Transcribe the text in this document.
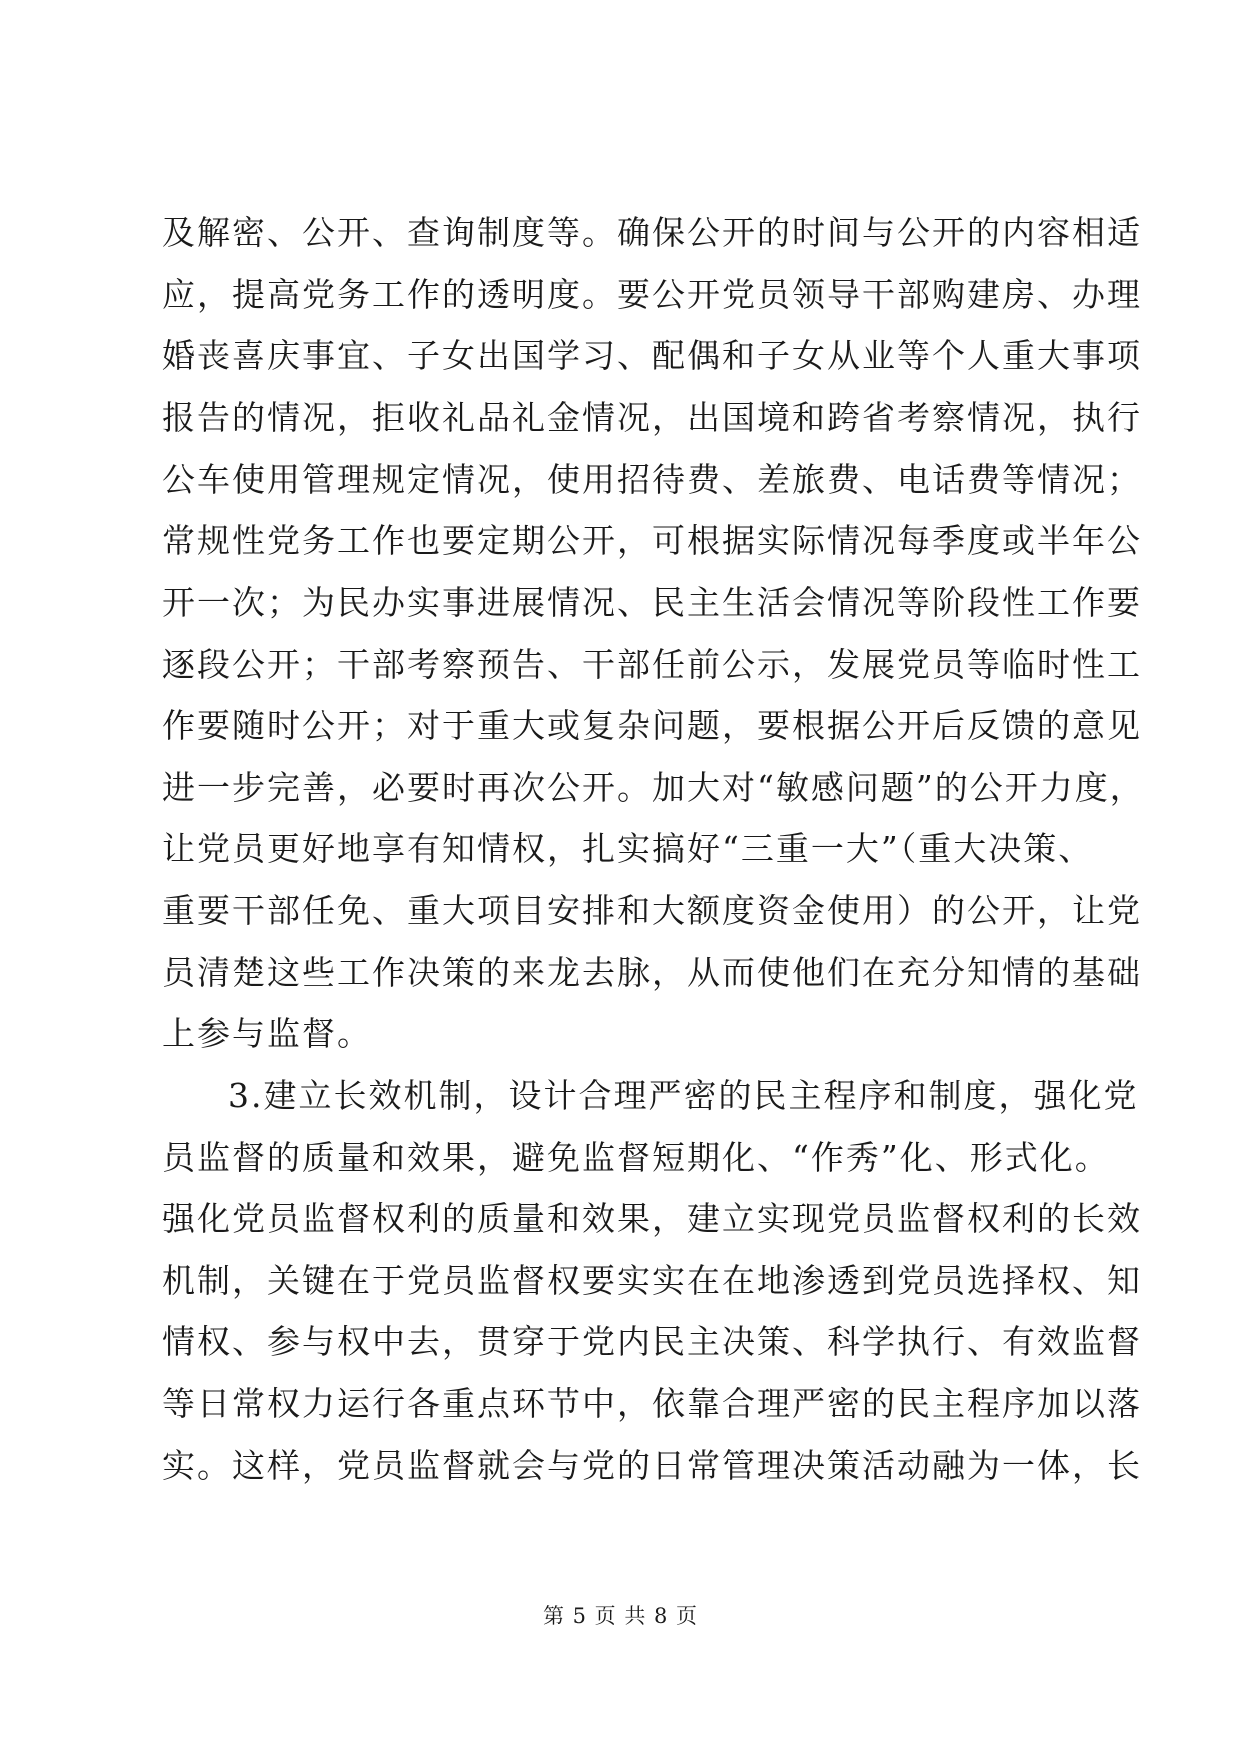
及解密、公开、查询制度等。确保公开的时间与公开的内容相适
应，提高党务工作的透明度。要公开党员领导干部购建房、办理
婚丧喜庆事宜、子女出国学习、配偶和子女从业等个人重大事项
报告的情况，拒收礼品礼金情况，出国境和跨省考察情况，执行
公车使用管理规定情况，使用招待费、差旅费、电话费等情况；
常规性党务工作也要定期公开，可根据实际情况每季度或半年公
开一次；为民办实事进展情况、民主生活会情况等阶段性工作要
逐段公开；干部考察预告、干部任前公示，发展党员等临时性工
作要随时公开；对于重大或复杂问题，要根据公开后反馈的意见
进一步完善，必要时再次公开。加大对“敏感问题”的公开力度，
让党员更好地享有知情权，扎实搞好“三重一大”（重大决策、
重要干部任免、重大项目安排和大额度资金使用）的公开，让党
员清楚这些工作决策的来龙去脉，从而使他们在充分知情的基础
上参与监督。
3.建立长效机制，设计合理严密的民主程序和制度，强化党
员监督的质量和效果，避免监督短期化、“作秀”化、形式化。
强化党员监督权利的质量和效果，建立实现党员监督权利的长效
机制，关键在于党员监督权要实实在在地渗透到党员选择权、知
情权、参与权中去，贯穿于党内民主决策、科学执行、有效监督
等日常权力运行各重点环节中，依靠合理严密的民主程序加以落
实。这样，党员监督就会与党的日常管理决策活动融为一体，长
第 5 页 共 8 页
